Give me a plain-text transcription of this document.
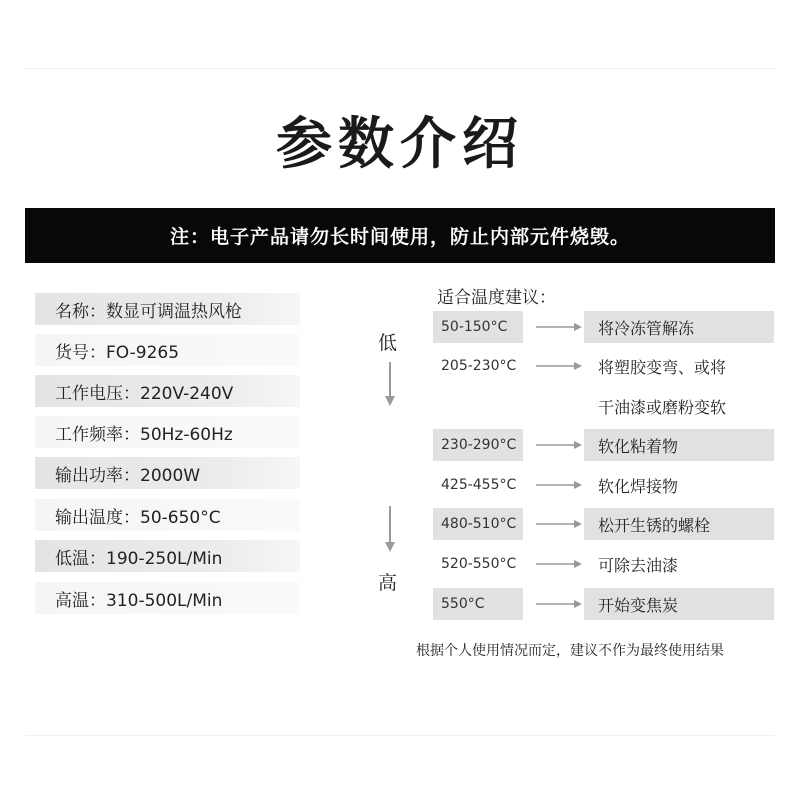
参数介绍
注：电子产品请勿长时间使用，防止内部元件烧毁。
名称：数显可调温热风枪
货号：FO-9265
工作电压：220V-240V
工作频率：50Hz-60Hz
输出功率：2000W
输出温度：50-650°C
低温：190-250L/Min
高温：310-500L/Min
适合温度建议：
低
高
50-150°C	将冷冻管解冻
205-230°C	将塑胶变弯、或将
干油漆或磨粉变软
230-290°C	软化粘着物
425-455°C	软化焊接物
480-510°C	松开生锈的螺栓
520-550°C	可除去油漆
550°C	开始变焦炭
根据个人使用情况而定，建议不作为最终使用结果
